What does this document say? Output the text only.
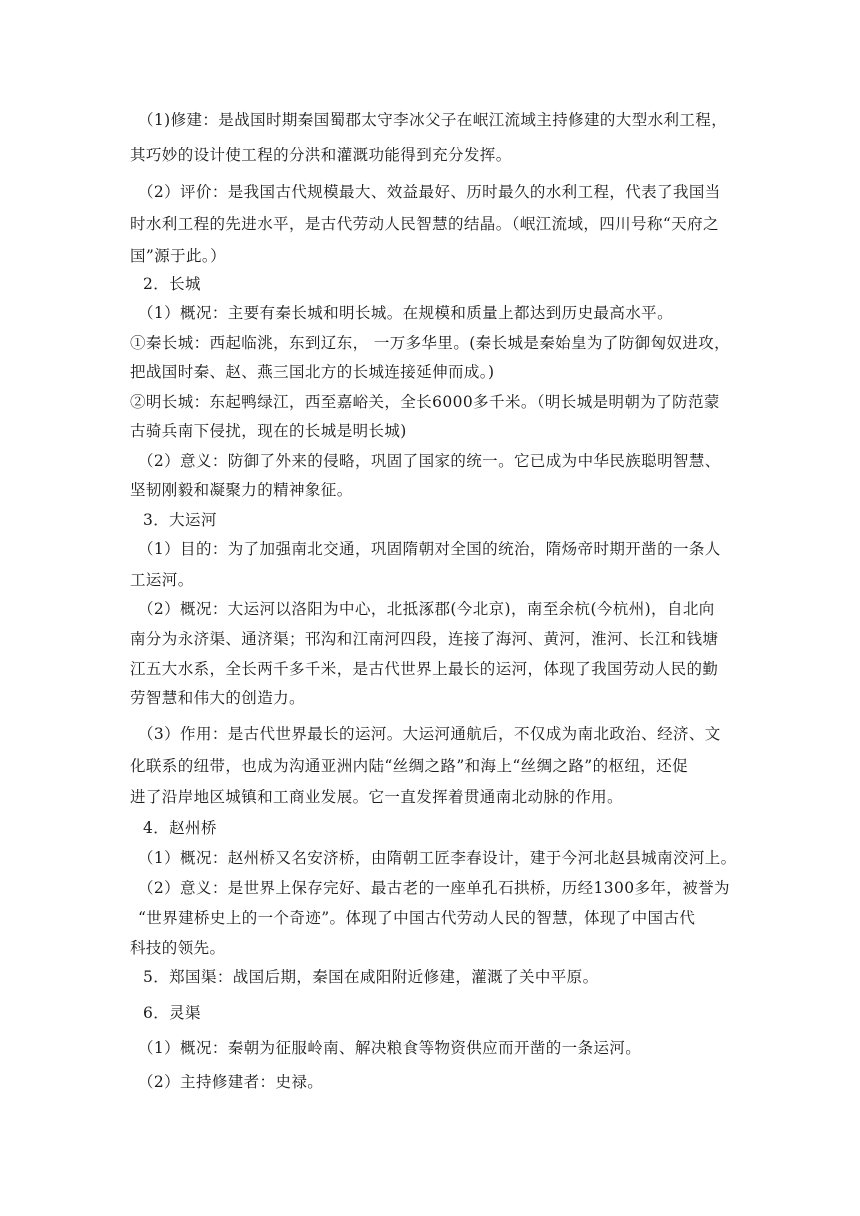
（1)修建：是战国时期秦国蜀郡太守李冰父子在岷江流域主持修建的大型水利工程，
其巧妙的设计使工程的分洪和灌溉功能得到充分发挥。
（2）评价：是我国古代规模最大、效益最好、历时最久的水利工程，代表了我国当
时水利工程的先进水平，是古代劳动人民智慧的结晶。（岷江流域，四川号称“天府之
国”源于此。）
2．长城
（1）概况：主要有秦长城和明长城。在规模和质量上都达到历史最高水平。
①秦长城：西起临洮，东到辽东， 一万多华里。(秦长城是秦始皇为了防御匈奴进攻，
把战国时秦、赵、燕三国北方的长城连接延伸而成。)
②明长城：东起鸭绿江，西至嘉峪关，全长6000多千米。（明长城是明朝为了防范蒙
古骑兵南下侵扰，现在的长城是明长城)
（2）意义：防御了外来的侵略，巩固了国家的统一。它已成为中华民族聪明智慧、
坚韧刚毅和凝聚力的精神象征。
3．大运河
（1）目的：为了加强南北交通，巩固隋朝对全国的统治，隋炀帝时期开凿的一条人
工运河。
（2）概况：大运河以洛阳为中心，北抵涿郡(今北京)，南至余杭(今杭州)，自北向
南分为永济渠、通济渠；邗沟和江南河四段，连接了海河、黄河，淮河、长江和钱塘
江五大水系，全长两千多千米，是古代世界上最长的运河，体现了我国劳动人民的勤
劳智慧和伟大的创造力。
（3）作用：是古代世界最长的运河。大运河通航后，不仅成为南北政治、经济、文
化联系的纽带，也成为沟通亚洲内陆“丝绸之路”和海上“丝绸之路”的枢纽，还促
进了沿岸地区城镇和工商业发展。它一直发挥着贯通南北动脉的作用。
4．赵州桥
（1）概况：赵州桥又名安济桥，由隋朝工匠李春设计，建于今河北赵县城南洨河上。
（2）意义：是世界上保存完好、最古老的一座单孔石拱桥，历经1300多年，被誉为
“世界建桥史上的一个奇迹”。体现了中国古代劳动人民的智慧，体现了中国古代
科技的领先。
5．郑国渠：战国后期，秦国在咸阳附近修建，灌溉了关中平原。
6．灵渠
（1）概况：秦朝为征服岭南、解决粮食等物资供应而开凿的一条运河。
（2）主持修建者：史禄。
